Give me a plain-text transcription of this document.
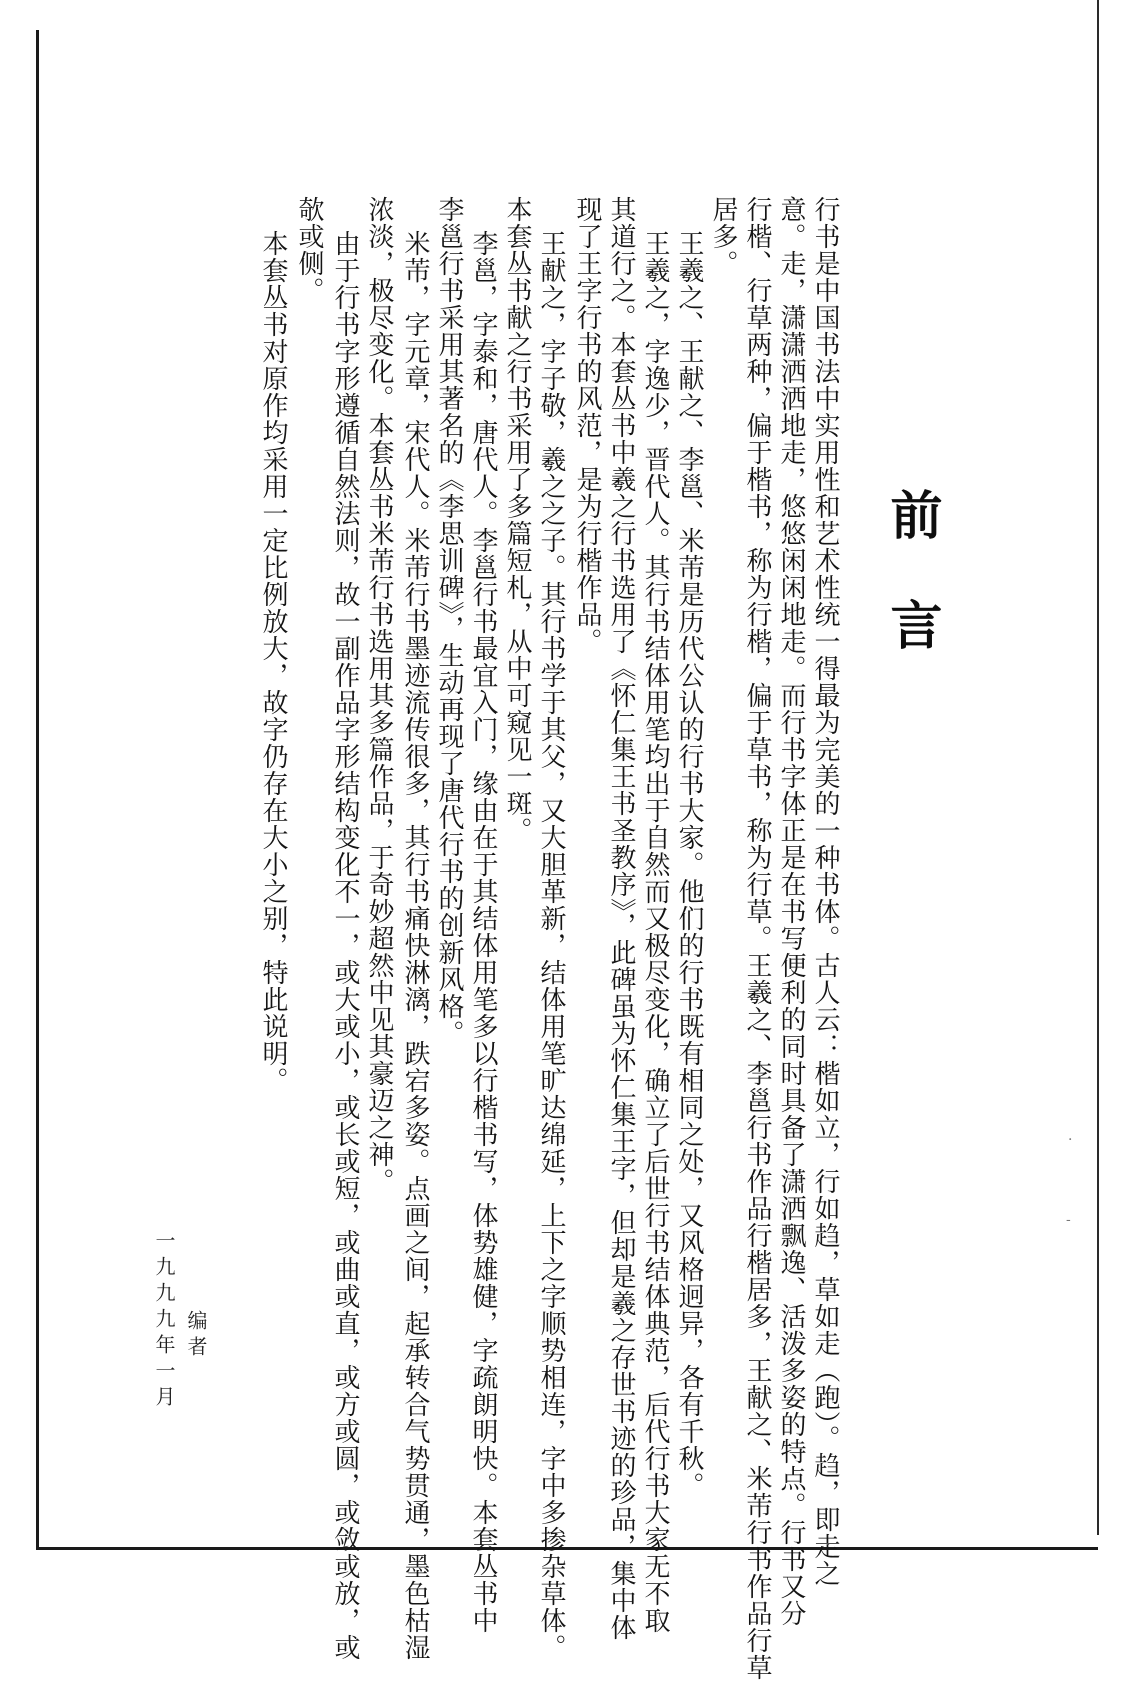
前言
行书是中国书法中实用性和艺术性统一得最为完美的一种书体。古人云：楷如立，行如趋，草如走（跑）。趋，即走之
意。走，潇潇洒洒地走，悠悠闲闲地走。而行书字体正是在书写便利的同时具备了潇洒飘逸、活泼多姿的特点。行书又分
行楷、行草两种，偏于楷书，称为行楷，偏于草书，称为行草。王羲之、李邕行书作品行楷居多，王献之、米芾行书作品行草
居多。
王羲之、王献之、李邕、米芾是历代公认的行书大家。他们的行书既有相同之处，又风格迥异，各有千秋。
王羲之，字逸少，晋代人。其行书结体用笔均出于自然而又极尽变化，确立了后世行书结体典范，后代行书大家无不取
其道行之。本套丛书中羲之行书选用了《怀仁集王书圣教序》，此碑虽为怀仁集王字，但却是羲之存世书迹的珍品，集中体
现了王字行书的风范，是为行楷作品。
王献之，字子敬，羲之之子。其行书学于其父，又大胆革新，结体用笔旷达绵延，上下之字顺势相连，字中多掺杂草体。
本套丛书献之行书采用了多篇短札，从中可窥见一斑。
李邕，字泰和，唐代人。李邕行书最宜入门，缘由在于其结体用笔多以行楷书写，体势雄健，字疏朗明快。本套丛书中
李邕行书采用其著名的《李思训碑》，生动再现了唐代行书的创新风格。
米芾，字元章，宋代人。米芾行书墨迹流传很多，其行书痛快淋漓，跌宕多姿。点画之间，起承转合气势贯通，墨色枯湿
浓淡，极尽变化。本套丛书米芾行书选用其多篇作品，于奇妙超然中见其豪迈之神。
由于行书字形遵循自然法则，故一副作品字形结构变化不一，或大或小，或长或短，或曲或直，或方或圆，或敛或放，或
欹或侧。
本套丛书对原作均采用一定比例放大，故字仍存在大小之别，特此说明。
编者
一九九九年一月
·
-
